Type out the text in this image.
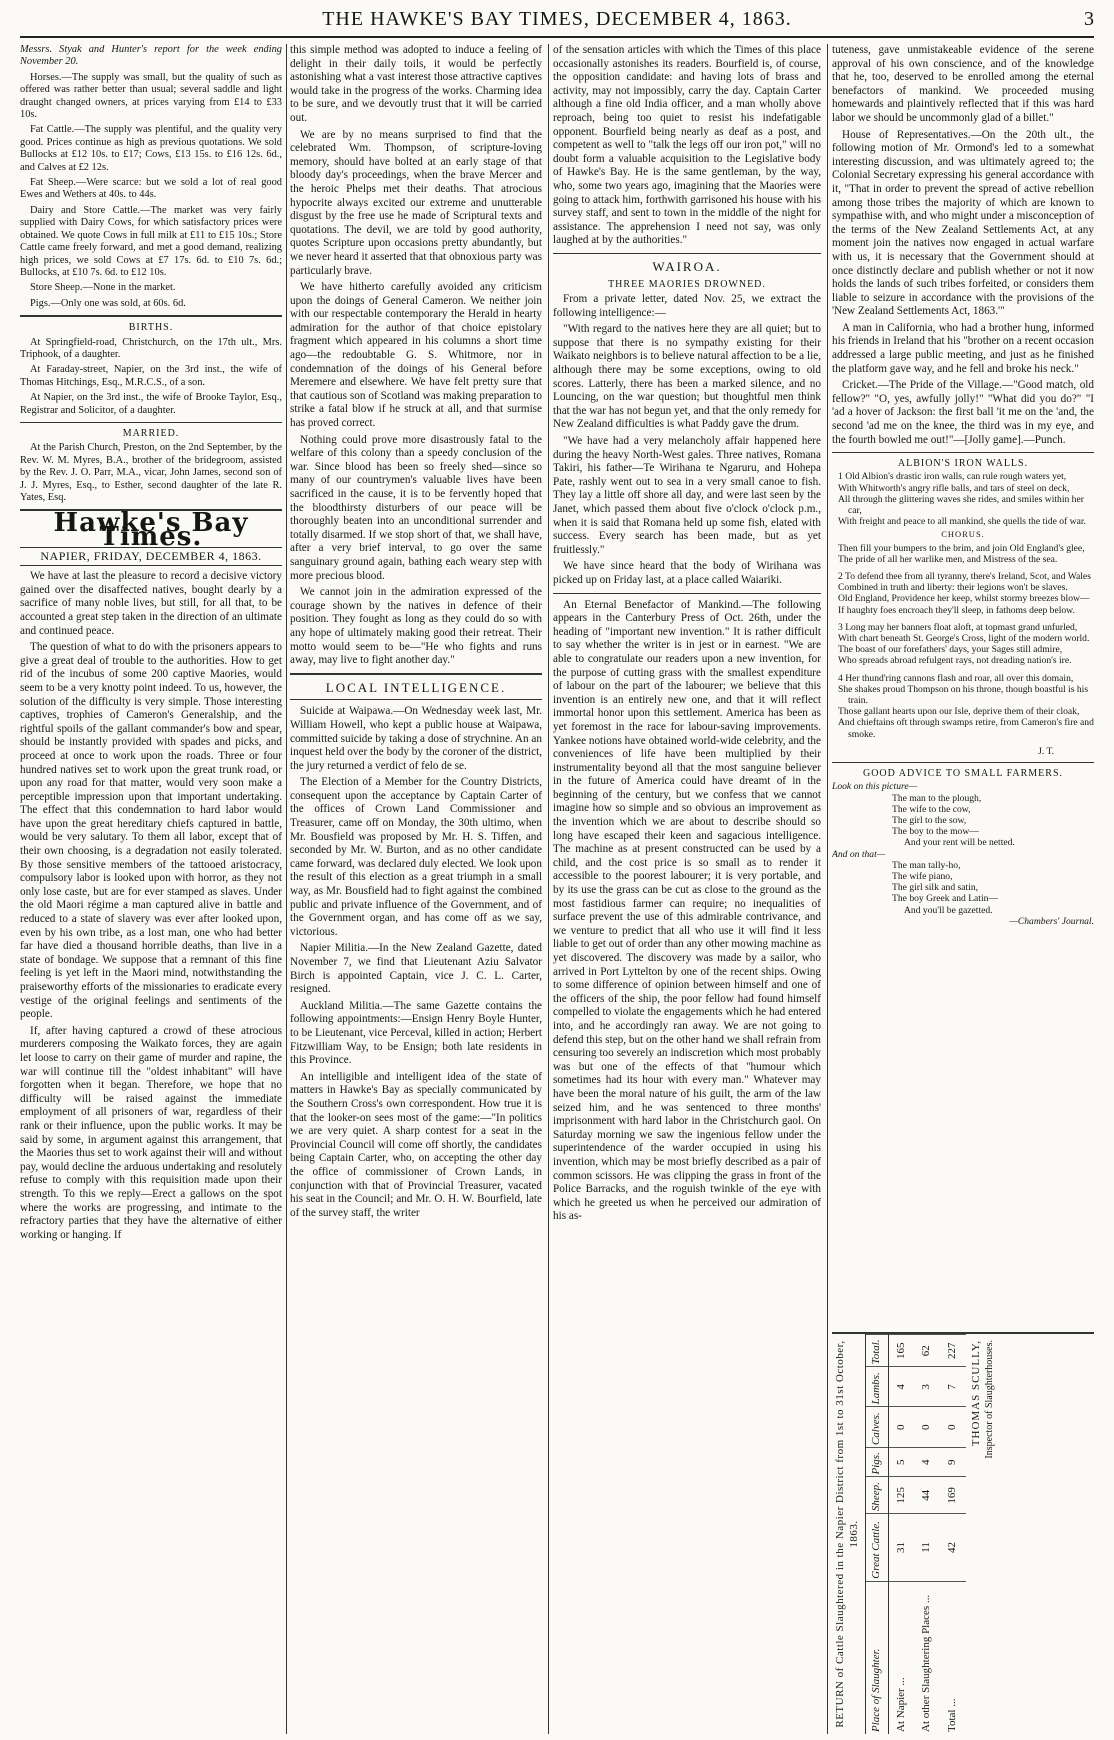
THE HAWKE'S BAY TIMES, DECEMBER 4, 1863.	3

Messrs. Styak and Hunter's report for the week ending November 20.

Horses.—The supply was small, but the quality of such as offered was rather better than usual; several saddle and light draught changed owners, at prices varying from £14 to £33 10s.

Fat Cattle.—The supply was plentiful, and the quality very good. Prices continue as high as previous quotations. We sold Bullocks at £12 10s. to £17; Cows, £13 15s. to £16 12s. 6d., and Calves at £2 12s.

Fat Sheep.—Were scarce: but we sold a lot of real good Ewes and Wethers at 40s. to 44s.

Dairy and Store Cattle.—The market was very fairly supplied with Dairy Cows, for which satisfactory prices were obtained. We quote Cows in full milk at £11 to £15 10s.; Store Cattle came freely forward, and met a good demand, realizing high prices, we sold Cows at £7 17s. 6d. to £10 7s. 6d.; Bullocks, at £10 7s. 6d. to £12 10s.

Store Sheep.—None in the market.

Pigs.—Only one was sold, at 60s. 6d.

BIRTHS.

At Springfield-road, Christchurch, on the 17th ult., Mrs. Triphook, of a daughter.

At Faraday-street, Napier, on the 3rd inst., the wife of Thomas Hitchings, Esq., M.R.C.S., of a son.

At Napier, on the 3rd inst., the wife of Brooke Taylor, Esq., Registrar and Solicitor, of a daughter.

MARRIED.

At the Parish Church, Preston, on the 2nd September, by the Rev. W. M. Myres, B.A., brother of the bridegroom, assisted by the Rev. J. O. Parr, M.A., vicar, John James, second son of J. J. Myres, Esq., to Esther, second daughter of the late R. Yates, Esq.

Hawke's Bay Times.
NAPIER, FRIDAY, DECEMBER 4, 1863.

We have at last the pleasure to record a decisive victory gained over the disaffected natives, bought dearly by a sacrifice of many noble lives, but still, for all that, to be accounted a great step taken in the direction of an ultimate and continued peace.

The question of what to do with the prisoners appears to give a great deal of trouble to the authorities. How to get rid of the incubus of some 200 captive Maories, would seem to be a very knotty point indeed. To us, however, the solution of the difficulty is very simple. Those interesting captives, trophies of Cameron's Generalship, and the rightful spoils of the gallant commander's bow and spear, should be instantly provided with spades and picks, and proceed at once to work upon the roads. Three or four hundred natives set to work upon the great trunk road, or upon any road for that matter, would very soon make a perceptible impression upon that important undertaking. The effect that this condemnation to hard labor would have upon the great hereditary chiefs captured in battle, would be very salutary. To them all labor, except that of their own choosing, is a degradation not easily tolerated. By those sensitive members of the tattooed aristocracy, compulsory labor is looked upon with horror, as they not only lose caste, but are for ever stamped as slaves. Under the old Maori régime a man captured alive in battle and reduced to a state of slavery was ever after looked upon, even by his own tribe, as a lost man, one who had better far have died a thousand horrible deaths, than live in a state of bondage. We suppose that a remnant of this fine feeling is yet left in the Maori mind, notwithstanding the praiseworthy efforts of the missionaries to eradicate every vestige of the original feelings and sentiments of the people.

If, after having captured a crowd of these atrocious murderers composing the Waikato forces, they are again let loose to carry on their game of murder and rapine, the war will continue till the "oldest inhabitant" will have forgotten when it began. Therefore, we hope that no difficulty will be raised against the immediate employment of all prisoners of war, regardless of their rank or their influence, upon the public works. It may be said by some, in argument against this arrangement, that the Maories thus set to work against their will and without pay, would decline the arduous undertaking and resolutely refuse to comply with this requisition made upon their strength. To this we reply—Erect a gallows on the spot where the works are progressing, and intimate to the refractory parties that they have the alternative of either working or hanging. If

this simple method was adopted to induce a feeling of delight in their daily toils, it would be perfectly astonishing what a vast interest those attractive captives would take in the progress of the works. Charming idea to be sure, and we devoutly trust that it will be carried out.

We are by no means surprised to find that the celebrated Wm. Thompson, of scripture-loving memory, should have bolted at an early stage of that bloody day's proceedings, when the brave Mercer and the heroic Phelps met their deaths. That atrocious hypocrite always excited our extreme and unutterable disgust by the free use he made of Scriptural texts and quotations. The devil, we are told by good authority, quotes Scripture upon occasions pretty abundantly, but we never heard it asserted that that obnoxious party was particularly brave.

We have hitherto carefully avoided any criticism upon the doings of General Cameron. We neither join with our respectable contemporary the Herald in hearty admiration for the author of that choice epistolary fragment which appeared in his columns a short time ago—the redoubtable G. S. Whitmore, nor in condemnation of the doings of his General before Meremere and elsewhere. We have felt pretty sure that that cautious son of Scotland was making preparation to strike a fatal blow if he struck at all, and that surmise has proved correct.

Nothing could prove more disastrously fatal to the welfare of this colony than a speedy conclusion of the war. Since blood has been so freely shed—since so many of our countrymen's valuable lives have been sacrificed in the cause, it is to be fervently hoped that the bloodthirsty disturbers of our peace will be thoroughly beaten into an unconditional surrender and totally disarmed. If we stop short of that, we shall have, after a very brief interval, to go over the same sanguinary ground again, bathing each weary step with more precious blood.

We cannot join in the admiration expressed of the courage shown by the natives in defence of their position. They fought as long as they could do so with any hope of ultimately making good their retreat. Their motto would seem to be—"He who fights and runs away, may live to fight another day."

LOCAL INTELLIGENCE.

Suicide at Waipawa.—On Wednesday week last, Mr. William Howell, who kept a public house at Waipawa, committed suicide by taking a dose of strychnine. An an inquest held over the body by the coroner of the district, the jury returned a verdict of felo de se.

The Election of a Member for the Country Districts, consequent upon the acceptance by Captain Carter of the offices of Crown Land Commissioner and Treasurer, came off on Monday, the 30th ultimo, when Mr. Bousfield was proposed by Mr. H. S. Tiffen, and seconded by Mr. W. Burton, and as no other candidate came forward, was declared duly elected. We look upon the result of this election as a great triumph in a small way, as Mr. Bousfield had to fight against the combined public and private influence of the Government, and of the Government organ, and has come off as we say, victorious.

Napier Militia.—In the New Zealand Gazette, dated November 7, we find that Lieutenant Aziu Salvator Birch is appointed Captain, vice J. C. L. Carter, resigned.

Auckland Militia.—The same Gazette contains the following appointments:—Ensign Henry Boyle Hunter, to be Lieutenant, vice Perceval, killed in action; Herbert Fitzwilliam Way, to be Ensign; both late residents in this Province.

An intelligible and intelligent idea of the state of matters in Hawke's Bay as specially communicated by the Southern Cross's own correspondent. How true it is that the looker-on sees most of the game:—"In politics we are very quiet. A sharp contest for a seat in the Provincial Council will come off shortly, the candidates being Captain Carter, who, on accepting the other day the office of commissioner of Crown Lands, in conjunction with that of Provincial Treasurer, vacated his seat in the Council; and Mr. O. H. W. Bourfield, late of the survey staff, the writer

of the sensation articles with which the Times of this place occasionally astonishes its readers. Bourfield is, of course, the opposition candidate: and having lots of brass and activity, may not impossibly, carry the day. Captain Carter although a fine old India officer, and a man wholly above reproach, being too quiet to resist his indefatigable opponent. Bourfield being nearly as deaf as a post, and competent as well to "talk the legs off our iron pot," will no doubt form a valuable acquisition to the Legislative body of Hawke's Bay. He is the same gentleman, by the way, who, some two years ago, imagining that the Maories were going to attack him, forthwith garrisoned his house with his survey staff, and sent to town in the middle of the night for assistance. The apprehension I need not say, was only laughed at by the authorities."

WAIROA.
THREE MAORIES DROWNED.

From a private letter, dated Nov. 25, we extract the following intelligence:—

"With regard to the natives here they are all quiet; but to suppose that there is no sympathy existing for their Waikato neighbors is to believe natural affection to be a lie, although there may be some exceptions, owing to old scores. Latterly, there has been a marked silence, and no Louncing, on the war question; but thoughtful men think that the war has not begun yet, and that the only remedy for New Zealand difficulties is what Paddy gave the drum.

"We have had a very melancholy affair happened here during the heavy North-West gales. Three natives, Romana Takiri, his father—Te Wirihana te Ngaruru, and Hohepa Pate, rashly went out to sea in a very small canoe to fish. They lay a little off shore all day, and were last seen by the Janet, which passed them about five o'clock o'clock p.m., when it is said that Romana held up some fish, elated with success. Every search has been made, but as yet fruitlessly."

We have since heard that the body of Wirihana was picked up on Friday last, at a place called Waiariki.

An Eternal Benefactor of Mankind.—The following appears in the Canterbury Press of Oct. 26th, under the heading of "important new invention." It is rather difficult to say whether the writer is in jest or in earnest. "We are able to congratulate our readers upon a new invention, for the purpose of cutting grass with the smallest expenditure of labour on the part of the labourer; we believe that this invention is an entirely new one, and that it will reflect immortal honor upon this settlement. America has been as yet foremost in the race for labour-saving improvements. Yankee notions have obtained world-wide celebrity, and the conveniences of life have been multiplied by their instrumentality beyond all that the most sanguine believer in the future of America could have dreamt of in the beginning of the century, but we confess that we cannot imagine how so simple and so obvious an improvement as the invention which we are about to describe should so long have escaped their keen and sagacious intelligence. The machine as at present constructed can be used by a child, and the cost price is so small as to render it accessible to the poorest labourer; it is very portable, and by its use the grass can be cut as close to the ground as the most fastidious farmer can require; no inequalities of surface prevent the use of this admirable contrivance, and we venture to predict that all who use it will find it less liable to get out of order than any other mowing machine as yet discovered. The discovery was made by a sailor, who arrived in Port Lyttelton by one of the recent ships. Owing to some difference of opinion between himself and one of the officers of the ship, the poor fellow had found himself compelled to violate the engagements which he had entered into, and he accordingly ran away. We are not going to defend this step, but on the other hand we shall refrain from censuring too severely an indiscretion which most probably was but one of the effects of that "humour which sometimes had its hour with every man." Whatever may have been the moral nature of his guilt, the arm of the law seized him, and he was sentenced to three months' imprisonment with hard labor in the Christchurch gaol. On Saturday morning we saw the ingenious fellow under the superintendence of the warder occupied in using his invention, which may be most briefly described as a pair of common scissors. He was clipping the grass in front of the Police Barracks, and the roguish twinkle of the eye with which he greeted us when he perceived our admiration of his as-

tuteness, gave unmistakeable evidence of the serene approval of his own conscience, and of the knowledge that he, too, deserved to be enrolled among the eternal benefactors of mankind. We proceeded musing homewards and plaintively reflected that if this was hard labor we should be uncommonly glad of a billet."

House of Representatives.—On the 20th ult., the following motion of Mr. Ormond's led to a somewhat interesting discussion, and was ultimately agreed to; the Colonial Secretary expressing his general accordance with it, "That in order to prevent the spread of active rebellion among those tribes the majority of which are known to sympathise with, and who might under a misconception of the terms of the New Zealand Settlements Act, at any moment join the natives now engaged in actual warfare with us, it is necessary that the Government should at once distinctly declare and publish whether or not it now holds the lands of such tribes forfeited, or considers them liable to seizure in accordance with the provisions of the 'New Zealand Settlements Act, 1863.'"

A man in California, who had a brother hung, informed his friends in Ireland that his "brother on a recent occasion addressed a large public meeting, and just as he finished the platform gave way, and he fell and broke his neck."

Cricket.—The Pride of the Village.—"Good match, old fellow?" "O, yes, awfully jolly!" "What did you do?" "I 'ad a hover of Jackson: the first ball 'it me on the 'and, the second 'ad me on the knee, the third was in my eye, and the fourth bowled me out!"—[Jolly game].—Punch.

ALBION'S IRON WALLS.

1 Old Albion's drastic iron walls, can rule rough waters yet,

With Whitworth's angry rifle balls, and tars of steel on deck,

All through the glittering waves she rides, and smiles within her car,

With freight and peace to all mankind, she quells the tide of war.

CHORUS.

Then fill your bumpers to the brim, and join Old England's glee,

The pride of all her warlike men, and Mistress of the sea.

2 To defend thee from all tyranny, there's Ireland, Scot, and Wales

Combined in truth and liberty: their legions won't be slaves.

Old England, Providence her keep, whilst stormy breezes blow—

If haughty foes encroach they'll sleep, in fathoms deep below.

3 Long may her banners float aloft, at topmast grand unfurled,

With chart beneath St. George's Cross, light of the modern world.

The boast of our forefathers' days, your Sages still admire,

Who spreads abroad refulgent rays, not dreading nation's ire.

4 Her thund'ring cannons flash and roar, all over this domain,

She shakes proud Thompson on his throne, though boastful is his train.

Those gallant hearts upon our Isle, deprive them of their cloak,

And chieftains oft through swamps retire, from Cameron's fire and smoke.

J. T.
GOOD ADVICE TO SMALL FARMERS.
Look on this picture—
The man to the plough,
The wife to the cow,
The girl to the sow,
The boy to the mow—
And your rent will be netted.
And on that—
The man tally-ho,
The wife piano,
The girl silk and satin,
The boy Greek and Latin—
And you'll be gazetted.
—Chambers' Journal.
RETURN of Cattle Slaughtered in the Napier District from 1st to 31st October, 1863.
Place of Slaughter.	Great Cattle.	Sheep.	Pigs.	Calves.	Lambs.	Total.
At Napier ...	31	125	5	0	4	165
At other Slaughtering Places ...	11	44	4	0	3	62
Total ...	42	169	9	0	7	227	THOMAS SCULLY, Inspector of Slaughterhouses.
